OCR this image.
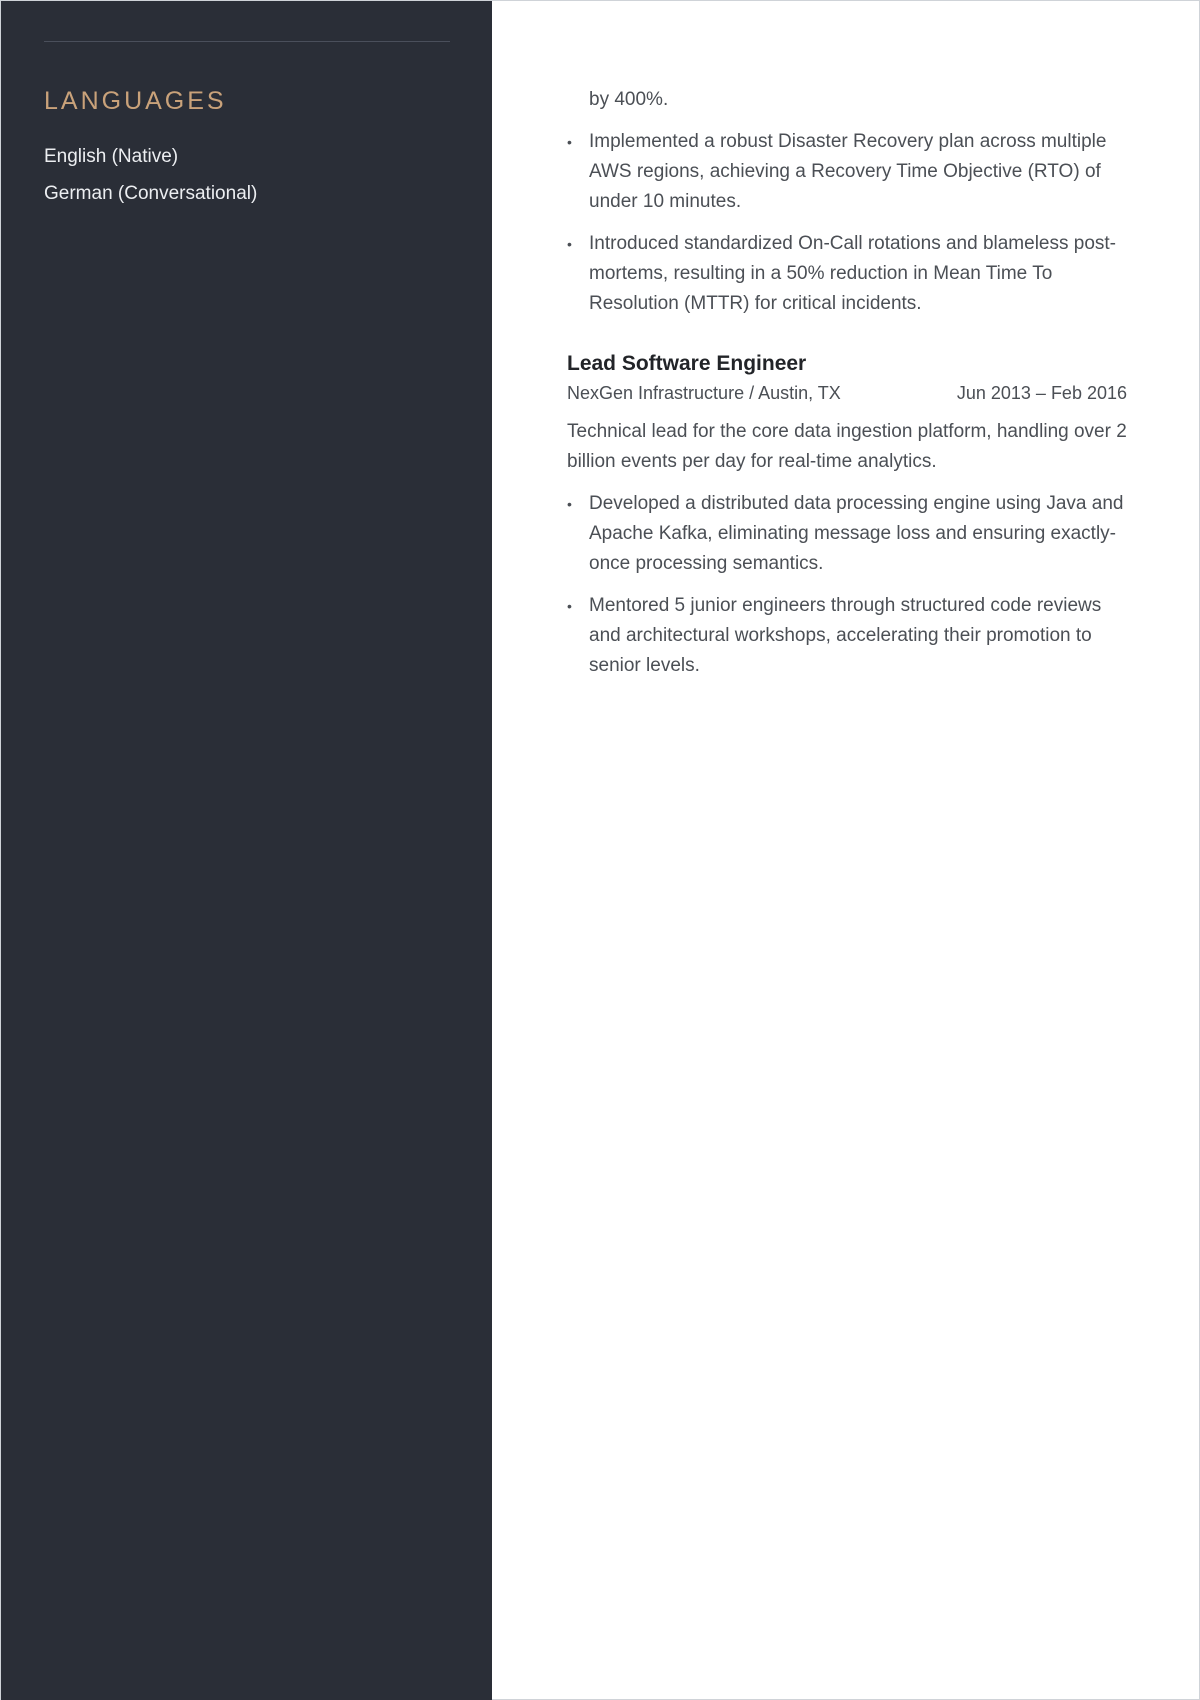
LANGUAGES
English (Native)
German (Conversational)

by 400%.

• Implemented a robust Disaster Recovery plan across multiple AWS regions, achieving a Recovery Time Objective (RTO) of under 10 minutes.
• Introduced standardized On-Call rotations and blameless post-mortems, resulting in a 50% reduction in Mean Time To Resolution (MTTR) for critical incidents.
Lead Software Engineer
NexGen Infrastructure / Austin, TX	Jun 2013 – Feb 2016

Technical lead for the core data ingestion platform, handling over 2 billion events per day for real-time analytics.

• Developed a distributed data processing engine using Java and Apache Kafka, eliminating message loss and ensuring exactly-once processing semantics.
• Mentored 5 junior engineers through structured code reviews and architectural workshops, accelerating their promotion to senior levels.
